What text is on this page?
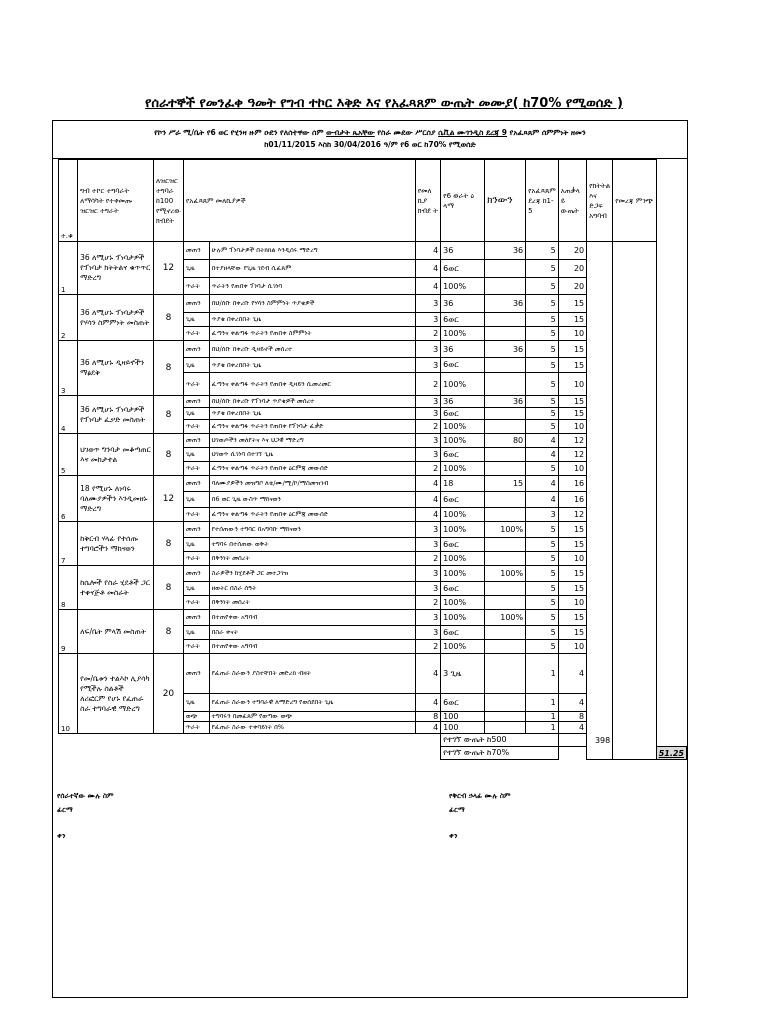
የሰራተኞች የመንፈቀ ዓመት የግብ ተኮር እቅድ እና የአፈጻጸም ውጤት መሙያ( ከ70% የሚወሰድ )
የኮን ሥራ ሚ/ቤት የ6 ወር የሂንዛ ዙም ዑደን የለሰተዋው ሰም ውብታት ጴአቸው የስራ ሙደው ሥርሰያ ሴቪል ሙጎንዲስ ደረጃ 9 የአፈጻጸም ሰምምነት ዘመን
ከ01/11/2015 እስከ 30/04/2016 ዓ/ም የ6 ወር ከ70% የሚወሰድ
ተ.ቁ	ግብ ተኮር ተግባራት ለማሳካት የተቀመጡ ዝርዝር ተግራት	ለዝርዝር ተግባራ ከ100 የሚኖረው ክብደት	የአፈጻጸም መለኪያዎች		የመለ ኪያ ክብደ ት	የ6 ወራት ዕ ላማ	ክንውን	የአፈጻጸም ደረጃ ከ1-5	አጠቃላ ይ ውጤት	የክትትል እና ድጋፍ አግባብ	የመረጃ ምንጭ	
1	36 ለሚሆኑ ፕነባታዎች የፕነባታ ክትትልና ቁጥጥር ማድረግ	12	መጠን	ሁሉም ፕነባታዎች በትክክል እንዲሰሩ ማድረግ	4	36	36	5	20			
			ጊዜ	በተያዘላቸው የጊዜ ገደብ ሲፈጸም	4	6ወር		5	20			
			ጥራት	ጥራትን የጠበቀ ፕነባታ ሲገነባ	4	100%		5	20			
2	36 ለሚሆኑ ፕነባታዎች የሃሳን ስምምነት መስጠት	8	መጠን	በህ/ሰቡ በቀረቡ የሃሳን ስምምነት ጥያቄዎች	3	36	36	5	15			
			ጊዜ	ጥያቄ በቀረበበት ጊዜ	3	6ወር		5	15			
			ጥራት	ፈጣንና ቀልጣፋ ጥራትን የጠበቀ ስምምነት	2	100%		5	10			
3	36 ለሚሆኑ ዲዛይኖችን ማፅደቅ	8	መጠን	በህ/ሰቡ በቀረቡ ዲዛይኖች መሰረተ	3	36	36	5	15			
			ጊዜ	ጥያቄ በቀረበበት ጊዜ	3	6ወር		5	15			
			ጥራት	ፈጣንና ቀልጣፋ ጥራትን የጠበቀ ዲዛይን ሲመረመር	2	100%		5	10			
4	36 ለሚሆኑ ፕነባታዎች የፕነባታ ፈቃድ መስጠት	8	መጠን	በህ/ሰቡ በቀረቡ የፕነባታ ጥያቄዎች መሰረተ	3	36	36	5	15			
			ጊዜ	ጥያቄ በቀረበበት ጊዜ	3	6ወር		5	15			
			ጥራት	ፈጣንና ቀልጣፋ ጥራትን የጠበቀ የፕነባታ ፈቃድ	2	100%		5	10			
5	ህገወጥ ግንባታ መቆጣጠር እና መከታተል	8	መጠን	ህገወጦችን መለየትና እና ህጋዊ ማድረግ	3	100%	80	4	12			
			ጊዜ	ህገወጥ ሲገነባ በተገኘ ጊዜ	3	6ወር		4	12			
			ጥራት	ፈጣንና ቀልጣፋ ጥራትን የጠበቀ ዕርምጃ መውሰድ	2	100%		5	10			
6	18 የሚሆኑ ለነባሩ ባለሙያዎችን እንዲመዘኑ ማድረግ	12	መጠን	ባለሙያዎችን መዝግቦ ለቴ/ሙ/ሚ/ኮ/ማስመዝገብ	4	18	15	4	16			
			ጊዜ	በ6 ወር ጊዜ ውስጥ ማከናወን	4	6ወር		4	16			
			ጥራት	ፈጣንና ቀልጣፋ ጥራትን የጠበቀ ዕርምጃ መውሰድ	4	100%		3	12			
7	ከቅርብ ሃላፊ የተሰጡ ተግባሮችን ማከናወን	8	መጠን	የተሰጠውን ተግባር በአግባቡ ማከናወን	3	100%	100%	5	15			
			ጊዜ	ተግባሩ በተሰጠው ወቅት	3	6ወር		5	15			
			ጥራት	በቅንነት መሰረት	2	100%		5	10			
8	ከሴሎች የስራ ሂደቶች ጋር ተቀናጅቶ መስራት	8	መጠን	ስራዎችን ከሂደቶች ጋር መተጋገዝ	3	100%	100%	5	15			
			ጊዜ	ዘወትር በስራ ሰዓት	3	6ወር		5	15			
			ጥራት	በቅንነት መሰረት	2	100%		5	10			
9	ለፍ/ቤት ምላሽ መስጠት	8	መጠን	በተጠየቀው አግባብ	3	100%	100%	5	15			
			ጊዜ	በስራ ቀናት	3	6ወር		5	15			
			ጥራት	በተጠየቀው አግባብ	2	100%		5	10			
10	የመ/ቤቱን ተልእኮ ሊያሳካ የሚችሉ ስልቶች ለሪፎርም የሆኑ የፈጠራ ስራ ተግባራዊ ማድረግ	20	መጠን	የፈጠራ ስራውን ያስተቸበት መድረክ ብዛት	4	3 ጊዜ		1	4			
			ጊዜ	የፈጠራ ስራውን ተግባራዊ ለማድረግ የወሰደበት ጊዜ	4	6ወር		1	4			
			ወጭ	ተግባሩን በመፈጸም የወጣው ወጭ	8	100		1	8			
			ጥራት	የፈጠራ ስራው ተቀባይነት በ%	4	100		1	4			
						የተገኘ ውጤት ከ500			398			
						የተገኘ ውጤት ከ70%						51.25
የሰራተኛው ሙሉ ስም
ፊርማ
ቀን
የቅርብ ኃላፊ ሙሉ ስም
ፊርማ
ቀን
